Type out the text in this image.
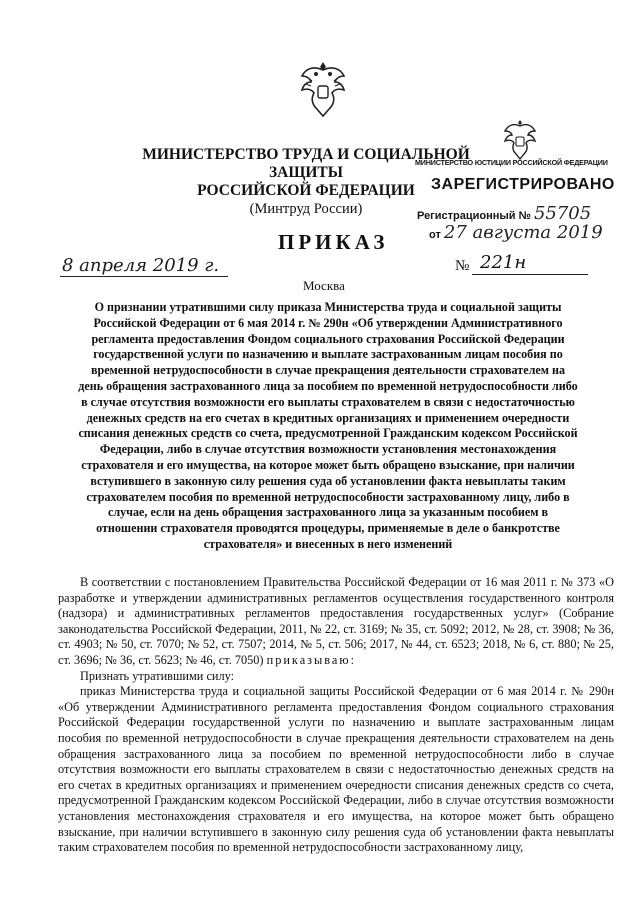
МИНИСТЕРСТВО ТРУДА И СОЦИАЛЬНОЙ ЗАЩИТЫ
РОССИЙСКОЙ ФЕДЕРАЦИИ
(Минтруд России)
МИНИСТЕРСТВО ЮСТИЦИИ РОССИЙСКОЙ ФЕДЕРАЦИИ
ЗАРЕГИСТРИРОВАНО
Регистрационный № 55705
от 27 августа 2019
ПРИКАЗ
8 апреля 2019 г.	№ 221н
Москва
О признании утратившими силу приказа Министерства труда и социальной защиты Российской Федерации от 6 мая 2014 г. № 290н «Об утверждении Административного регламента предоставления Фондом социального страхования Российской Федерации государственной услуги по назначению и выплате застрахованным лицам пособия по временной нетрудоспособности в случае прекращения деятельности страхователем на день обращения застрахованного лица за пособием по временной нетрудоспособности либо в случае отсутствия возможности его выплаты страхователем в связи с недостаточностью денежных средств на его счетах в кредитных организациях и применением очередности списания денежных средств со счета, предусмотренной Гражданским кодексом Российской Федерации, либо в случае отсутствия возможности установления местонахождения страхователя и его имущества, на которое может быть обращено взыскание, при наличии вступившего в законную силу решения суда об установлении факта невыплаты таким страхователем пособия по временной нетрудоспособности застрахованному лицу, либо в случае, если на день обращения застрахованного лица за указанным пособием в отношении страхователя проводятся процедуры, применяемые в деле о банкротстве страхователя» и внесенных в него изменений

В соответствии с постановлением Правительства Российской Федерации от 16 мая 2011 г. № 373 «О разработке и утверждении административных регламентов осуществления государственного контроля (надзора) и административных регламентов предоставления государственных услуг» (Собрание законодательства Российской Федерации, 2011, № 22, ст. 3169; № 35, ст. 5092; 2012, № 28, ст. 3908; № 36, ст. 4903; № 50, ст. 7070; № 52, ст. 7507; 2014, № 5, ст. 506; 2017, № 44, ст. 6523; 2018, № 6, ст. 880; № 25, ст. 3696; № 36, ст. 5623; № 46, ст. 7050) приказываю:

Признать утратившими силу:

приказ Министерства труда и социальной защиты Российской Федерации от 6 мая 2014 г. № 290н «Об утверждении Административного регламента предоставления Фондом социального страхования Российской Федерации государственной услуги по назначению и выплате застрахованным лицам пособия по временной нетрудоспособности в случае прекращения деятельности страхователем на день обращения застрахованного лица за пособием по временной нетрудоспособности либо в случае отсутствия возможности его выплаты страхователем в связи с недостаточностью денежных средств на его счетах в кредитных организациях и применением очередности списания денежных средств со счета, предусмотренной Гражданским кодексом Российской Федерации, либо в случае отсутствия возможности установления местонахождения страхователя и его имущества, на которое может быть обращено взыскание, при наличии вступившего в законную силу решения суда об установлении факта невыплаты таким страхователем пособия по временной нетрудоспособности застрахованному лицу,
